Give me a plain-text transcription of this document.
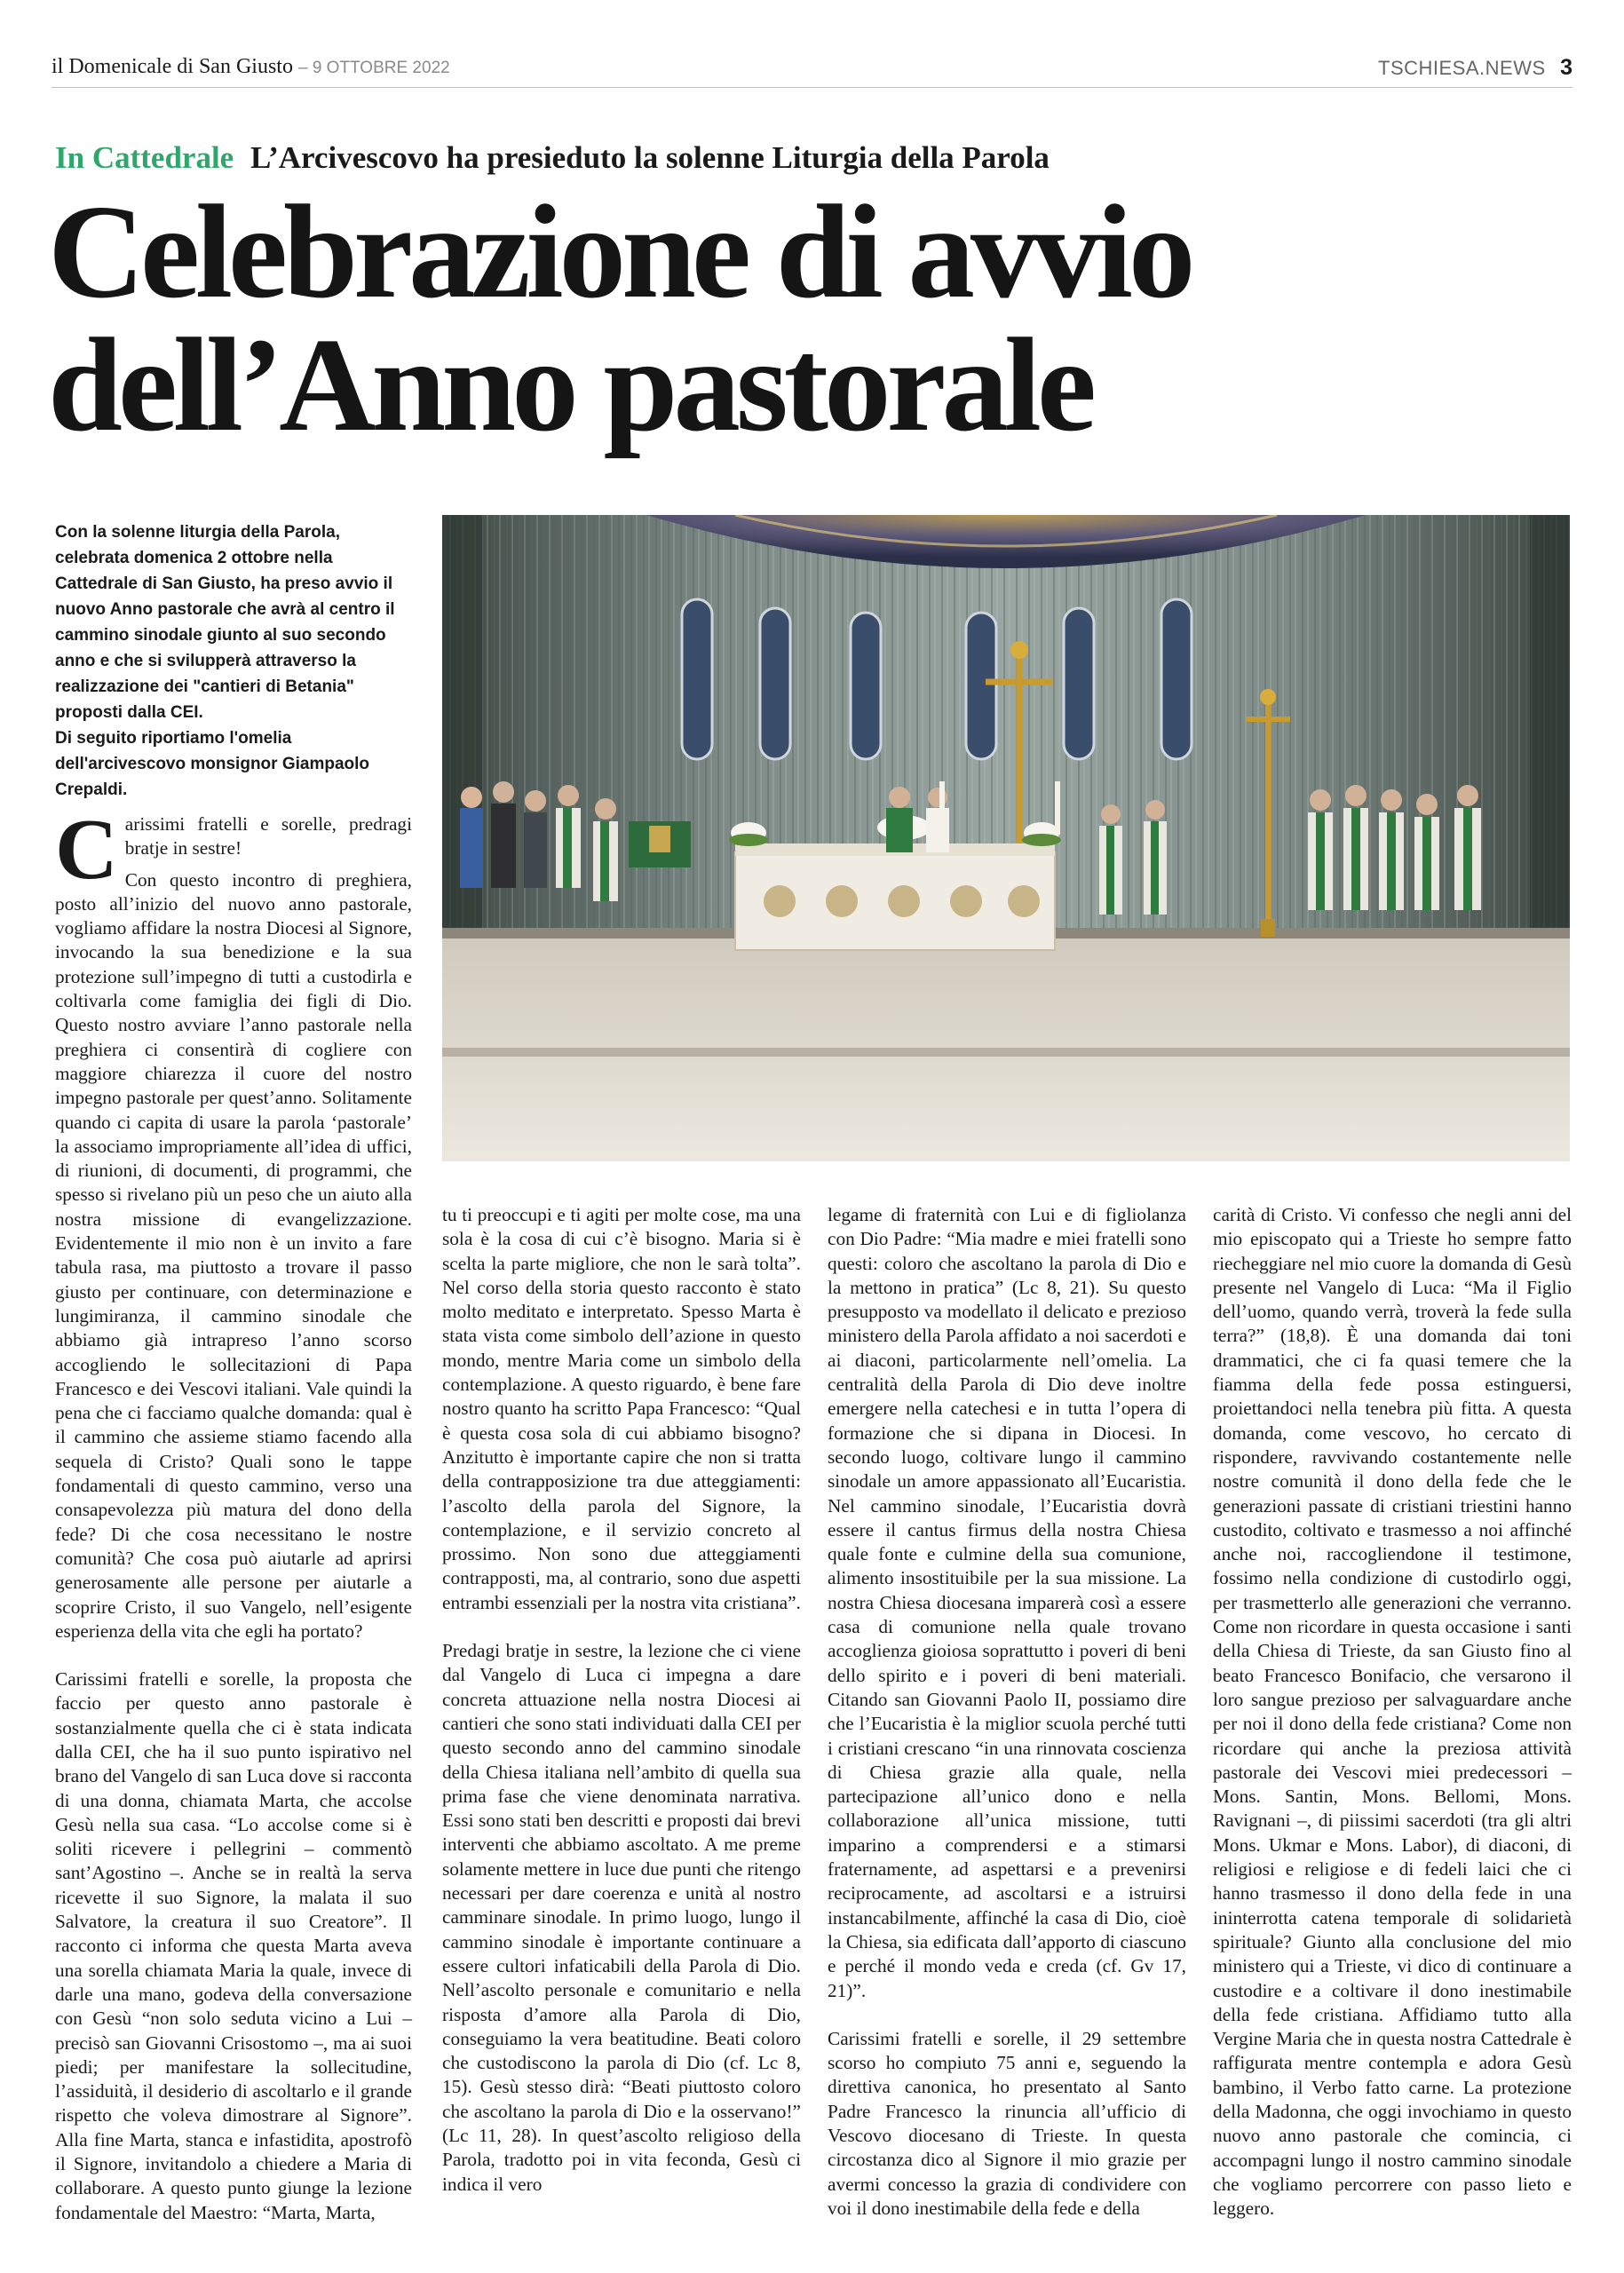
il Domenicale di San Giusto – 9 OTTOBRE 2022	TSCHIESA.NEWS 3
In Cattedrale L’Arcivescovo ha presieduto la solenne Liturgia della Parola
Celebrazione di avvio
dell’Anno pastorale

Con la solenne liturgia della Parola, celebrata domenica 2 ottobre nella Cattedrale di San Giusto, ha preso avvio il nuovo Anno pastorale che avrà al centro il cammino sinodale giunto al suo secondo anno e che si svilupperà attraverso la realizzazione dei "cantieri di Betania" proposti dalla CEI.

Di seguito riportiamo l'omelia dell'arcivescovo monsignor Giampaolo Crepaldi.

Carissimi fratelli e sorelle, predragi bratje in sestre!

Con questo incontro di preghiera, posto all’inizio del nuovo anno pastorale, vogliamo affidare la nostra Diocesi al Signore, invocando la sua benedizione e la sua protezione sull’impegno di tutti a custodirla e coltivarla come famiglia dei figli di Dio. Questo nostro avviare l’anno pastorale nella preghiera ci consentirà di cogliere con maggiore chiarezza il cuore del nostro impegno pastorale per quest’anno. Solitamente quando ci capita di usare la parola ‘pastorale’ la associamo impropriamente all’idea di uffici, di riunioni, di documenti, di programmi, che spesso si rivelano più un peso che un aiuto alla nostra missione di evangelizzazione. Evidentemente il mio non è un invito a fare tabula rasa, ma piuttosto a trovare il passo giusto per continuare, con determinazione e lungimiranza, il cammino sinodale che abbiamo già intrapreso l’anno scorso accogliendo le sollecitazioni di Papa Francesco e dei Vescovi italiani. Vale quindi la pena che ci facciamo qualche domanda: qual è il cammino che assieme stiamo facendo alla sequela di Cristo? Quali sono le tappe fondamentali di questo cammino, verso una consapevolezza più matura del dono della fede? Di che cosa necessitano le nostre comunità? Che cosa può aiutarle ad aprirsi generosamente alle persone per aiutarle a scoprire Cristo, il suo Vangelo, nell’esigente esperienza della vita che egli ha portato?

Carissimi fratelli e sorelle, la proposta che faccio per questo anno pastorale è sostanzialmente quella che ci è stata indicata dalla CEI, che ha il suo punto ispirativo nel brano del Vangelo di san Luca dove si racconta di una donna, chiamata Marta, che accolse Gesù nella sua casa. “Lo accolse come si è soliti ricevere i pellegrini – commentò sant’Agostino –. Anche se in realtà la serva ricevette il suo Signore, la malata il suo Salvatore, la creatura il suo Creatore”. Il racconto ci informa che questa Marta aveva una sorella chiamata Maria la quale, invece di darle una mano, godeva della conversazione con Gesù “non solo seduta vicino a Lui – precisò san Giovanni Crisostomo –, ma ai suoi piedi; per manifestare la sollecitudine, l’assiduità, il desiderio di ascoltarlo e il grande rispetto che voleva dimostrare al Signore”. Alla fine Marta, stanca e infastidita, apostrofò il Signore, invitandolo a chiedere a Maria di collaborare. A questo punto giunge la lezione fondamentale del Maestro: “Marta, Marta,

tu ti preoccupi e ti agiti per molte cose, ma una sola è la cosa di cui c’è bisogno. Maria si è scelta la parte migliore, che non le sarà tolta”. Nel corso della storia questo racconto è stato molto meditato e interpretato. Spesso Marta è stata vista come simbolo dell’azione in questo mondo, mentre Maria come un simbolo della contemplazione. A questo riguardo, è bene fare nostro quanto ha scritto Papa Francesco: “Qual è questa cosa sola di cui abbiamo bisogno? Anzitutto è importante capire che non si tratta della contrapposizione tra due atteggiamenti: l’ascolto della parola del Signore, la contemplazione, e il servizio concreto al prossimo. Non sono due atteggiamenti contrapposti, ma, al contrario, sono due aspetti entrambi essenziali per la nostra vita cristiana”.

Predagi bratje in sestre, la lezione che ci viene dal Vangelo di Luca ci impegna a dare concreta attuazione nella nostra Diocesi ai cantieri che sono stati individuati dalla CEI per questo secondo anno del cammino sinodale della Chiesa italiana nell’ambito di quella sua prima fase che viene denominata narrativa. Essi sono stati ben descritti e proposti dai brevi interventi che abbiamo ascoltato. A me preme solamente mettere in luce due punti che ritengo necessari per dare coerenza e unità al nostro camminare sinodale. In primo luogo, lungo il cammino sinodale è importante continuare a essere cultori infaticabili della Parola di Dio. Nell’ascolto personale e comunitario e nella risposta d’amore alla Parola di Dio, conseguiamo la vera beatitudine. Beati coloro che custodiscono la parola di Dio (cf. Lc 8, 15). Gesù stesso dirà: “Beati piuttosto coloro che ascoltano la parola di Dio e la osservano!” (Lc 11, 28). In quest’ascolto religioso della Parola, tradotto poi in vita feconda, Gesù ci indica il vero

legame di fraternità con Lui e di figliolanza con Dio Padre: “Mia madre e miei fratelli sono questi: coloro che ascoltano la parola di Dio e la mettono in pratica” (Lc 8, 21). Su questo presupposto va modellato il delicato e prezioso ministero della Parola affidato a noi sacerdoti e ai diaconi, particolarmente nell’omelia. La centralità della Parola di Dio deve inoltre emergere nella catechesi e in tutta l’opera di formazione che si dipana in Diocesi. In secondo luogo, coltivare lungo il cammino sinodale un amore appassionato all’Eucaristia. Nel cammino sinodale, l’Eucaristia dovrà essere il cantus firmus della nostra Chiesa quale fonte e culmine della sua comunione, alimento insostituibile per la sua missione. La nostra Chiesa diocesana imparerà così a essere casa di comunione nella quale trovano accoglienza gioiosa soprattutto i poveri di beni dello spirito e i poveri di beni materiali. Citando san Giovanni Paolo II, possiamo dire che l’Eucaristia è la miglior scuola perché tutti i cristiani crescano “in una rinnovata coscienza di Chiesa grazie alla quale, nella partecipazione all’unico dono e nella collaborazione all’unica missione, tutti imparino a comprendersi e a stimarsi fraternamente, ad aspettarsi e a prevenirsi reciprocamente, ad ascoltarsi e a istruirsi instancabilmente, affinché la casa di Dio, cioè la Chiesa, sia edificata dall’apporto di ciascuno e perché il mondo veda e creda (cf. Gv 17, 21)”.

Carissimi fratelli e sorelle, il 29 settembre scorso ho compiuto 75 anni e, seguendo la direttiva canonica, ho presentato al Santo Padre Francesco la rinuncia all’ufficio di Vescovo diocesano di Trieste. In questa circostanza dico al Signore il mio grazie per avermi concesso la grazia di condividere con voi il dono inestimabile della fede e della

carità di Cristo. Vi confesso che negli anni del mio episcopato qui a Trieste ho sempre fatto riecheggiare nel mio cuore la domanda di Gesù presente nel Vangelo di Luca: “Ma il Figlio dell’uomo, quando verrà, troverà la fede sulla terra?” (18,8). È una domanda dai toni drammatici, che ci fa quasi temere che la fiamma della fede possa estinguersi, proiettandoci nella tenebra più fitta. A questa domanda, come vescovo, ho cercato di rispondere, ravvivando costantemente nelle nostre comunità il dono della fede che le generazioni passate di cristiani triestini hanno custodito, coltivato e trasmesso a noi affinché anche noi, raccogliendone il testimone, fossimo nella condizione di custodirlo oggi, per trasmetterlo alle generazioni che verranno. Come non ricordare in questa occasione i santi della Chiesa di Trieste, da san Giusto fino al beato Francesco Bonifacio, che versarono il loro sangue prezioso per salvaguardare anche per noi il dono della fede cristiana? Come non ricordare qui anche la preziosa attività pastorale dei Vescovi miei predecessori – Mons. Santin, Mons. Bellomi, Mons. Ravignani –, di piissimi sacerdoti (tra gli altri Mons. Ukmar e Mons. Labor), di diaconi, di religiosi e religiose e di fedeli laici che ci hanno trasmesso il dono della fede in una ininterrotta catena temporale di solidarietà spirituale? Giunto alla conclusione del mio ministero qui a Trieste, vi dico di continuare a custodire e a coltivare il dono inestimabile della fede cristiana. Affidiamo tutto alla Vergine Maria che in questa nostra Cattedrale è raffigurata mentre contempla e adora Gesù bambino, il Verbo fatto carne. La protezione della Madonna, che oggi invochiamo in questo nuovo anno pastorale che comincia, ci accompagni lungo il nostro cammino sinodale che vogliamo percorrere con passo lieto e leggero.
